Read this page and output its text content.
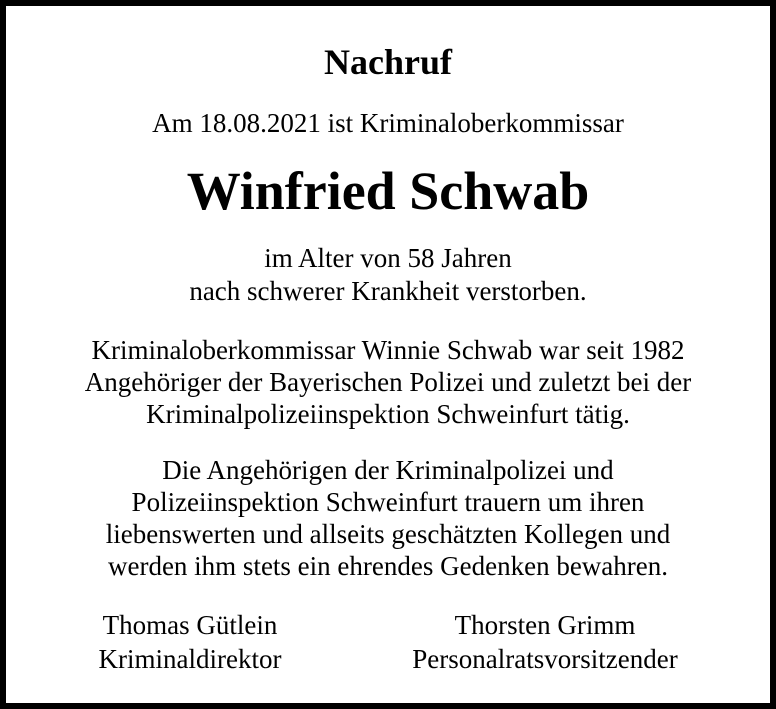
Nachruf
Am 18.08.2021 ist Kriminaloberkommissar
Winfried Schwab
im Alter von 58 Jahren
nach schwerer Krankheit verstorben.
Kriminaloberkommissar Winnie Schwab war seit 1982
Angehöriger der Bayerischen Polizei und zuletzt bei der
Kriminalpolizeiinspektion Schweinfurt tätig.
Die Angehörigen der Kriminalpolizei und
Polizeiinspektion Schweinfurt trauern um ihren
liebenswerten und allseits geschätzten Kollegen und
werden ihm stets ein ehrendes Gedenken bewahren.
Thomas Gütlein
Kriminaldirektor
Thorsten Grimm
Personalratsvorsitzender
